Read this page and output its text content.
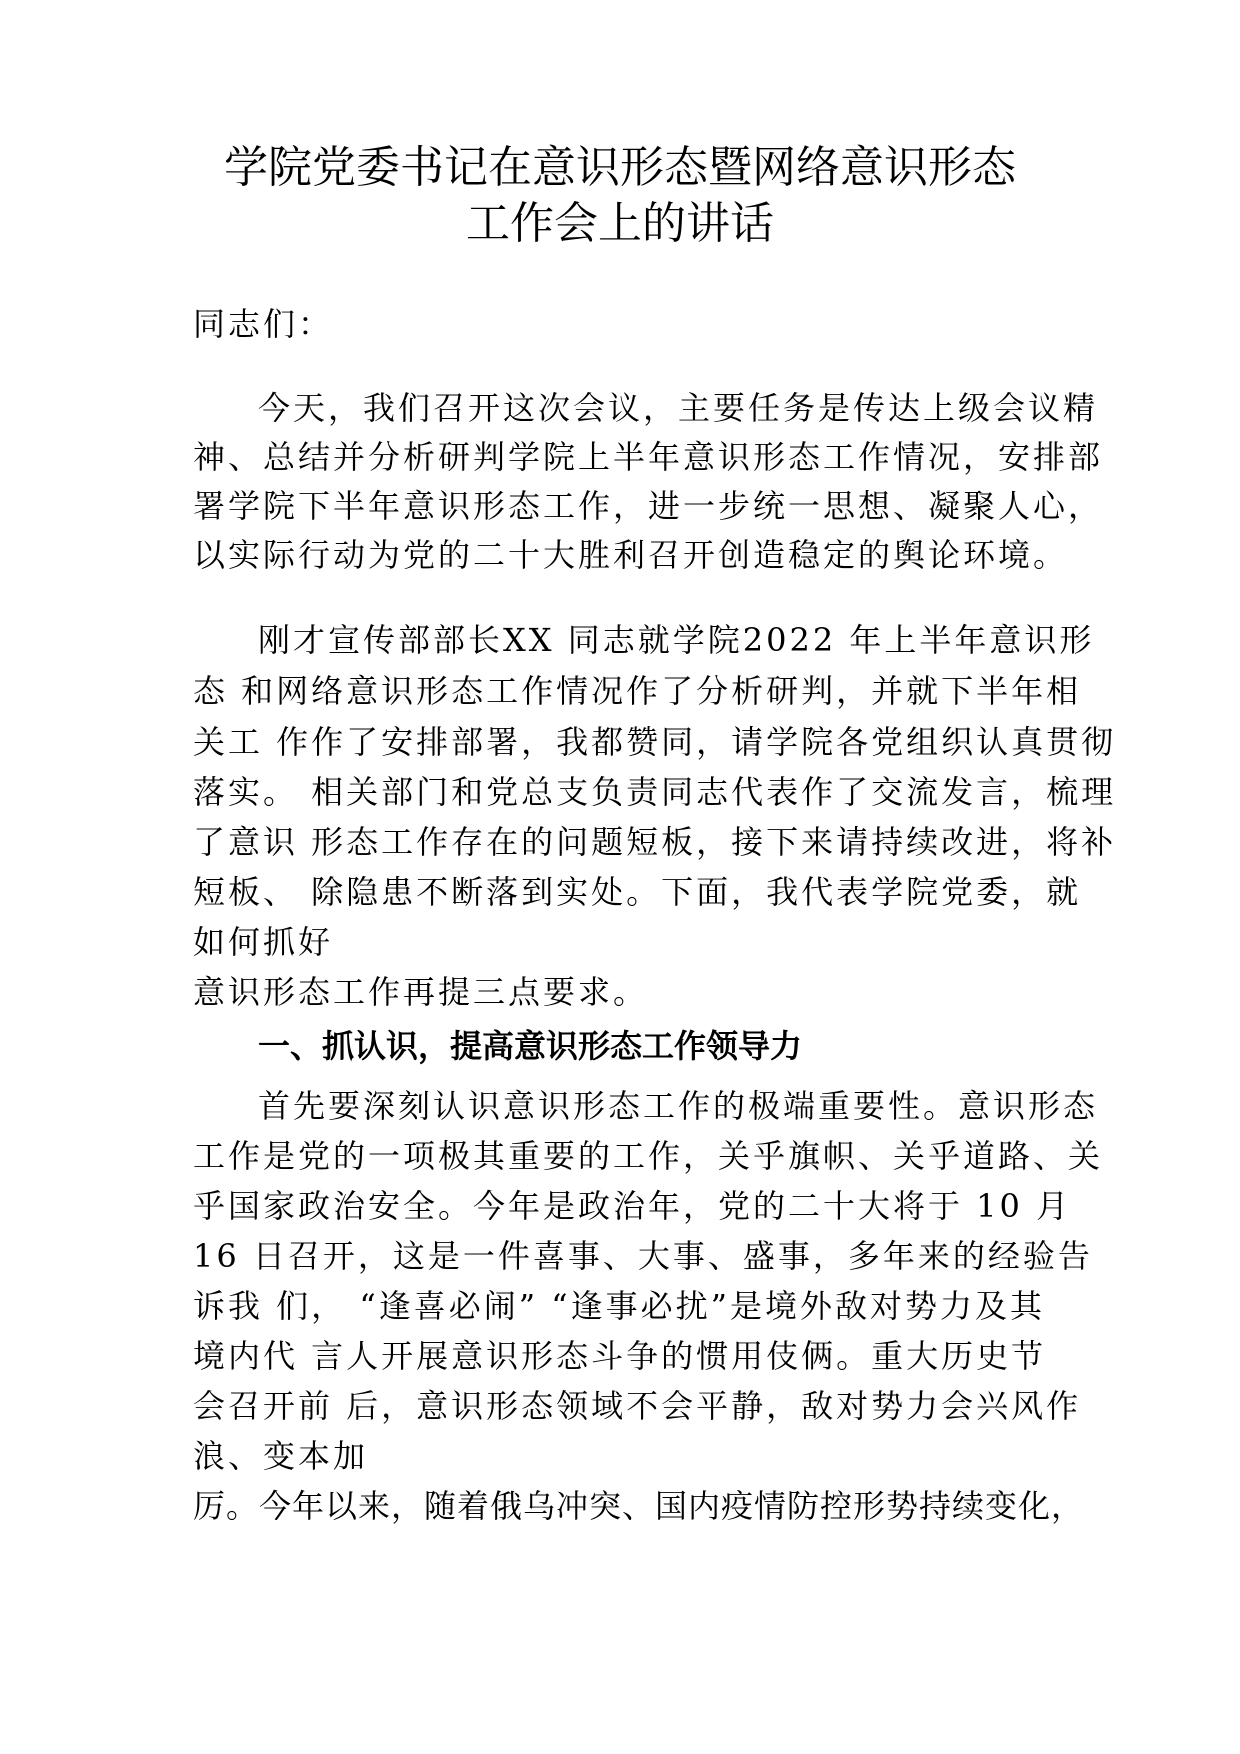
学院党委书记在意识形态暨网络意识形态
工作会上的讲话
同志们：
今天，我们召开这次会议，主要任务是传达上级会议精
神、总结并分析研判学院上半年意识形态工作情况，安排部
署学院下半年意识形态工作，进一步统一思想、凝聚人心，
以实际行动为党的二十大胜利召开创造稳定的舆论环境。
刚才宣传部部长XX 同志就学院2022 年上半年意识形
态 和网络意识形态工作情况作了分析研判，并就下半年相
关工 作作了安排部署，我都赞同，请学院各党组织认真贯彻
落实。 相关部门和党总支负责同志代表作了交流发言，梳理
了意识 形态工作存在的问题短板，接下来请持续改进，将补
短板、 除隐患不断落到实处。下面，我代表学院党委，就
如何抓好
意识形态工作再提三点要求。
一、抓认识，提高意识形态工作领导力
首先要深刻认识意识形态工作的极端重要性。意识形态
工作是党的一项极其重要的工作，关乎旗帜、关乎道路、关
乎国家政治安全。今年是政治年，党的二十大将于 10 月
16 日召开，这是一件喜事、大事、盛事，多年来的经验告
诉我 们， “逢喜必闹” “逢事必扰”是境外敌对势力及其
境内代 言人开展意识形态斗争的惯用伎俩。重大历史节
会召开前 后，意识形态领域不会平静，敌对势力会兴风作
浪、变本加
厉。今年以来，随着俄乌冲突、国内疫情防控形势持续变化，
